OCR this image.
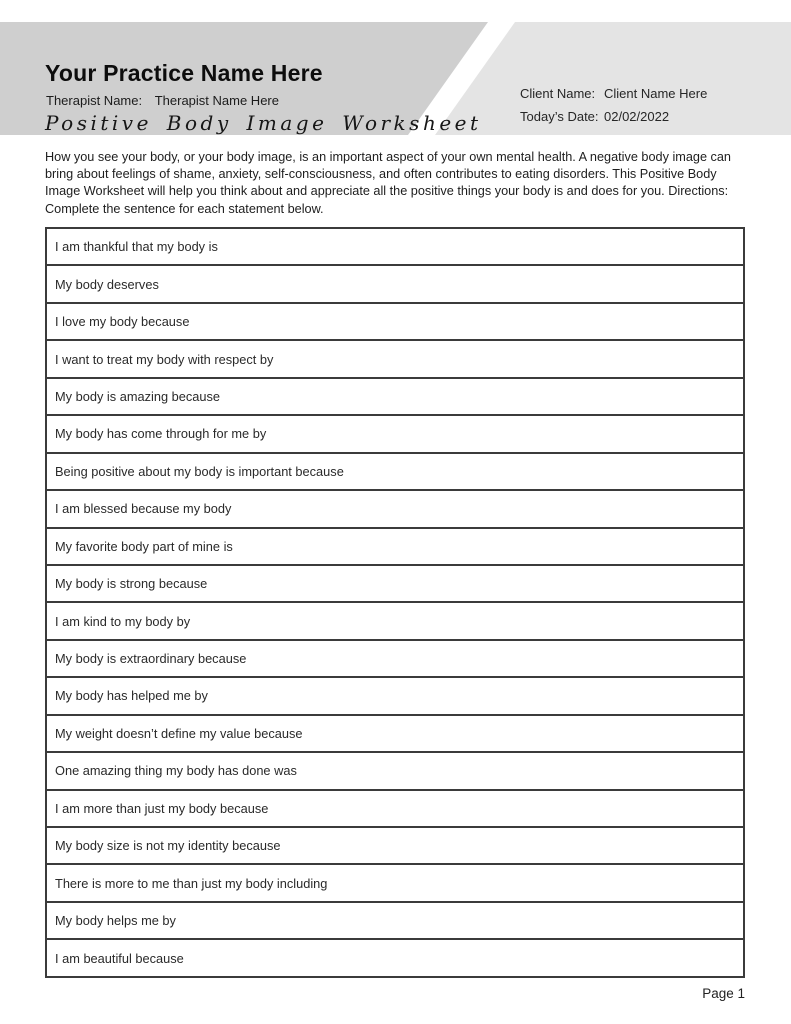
Your Practice Name Here
Therapist Name: Therapist Name Here
Positive Body Image Worksheet
Client Name: Client Name Here
Today’s Date: 02/02/2022

How you see your body, or your body image, is an important aspect of your own mental health. A negative body image can bring about feelings of shame, anxiety, self-consciousness, and often contributes to eating disorders. This Positive Body Image Worksheet will help you think about and appreciate all the positive things your body is and does for you. Directions: Complete the sentence for each statement below.

I am thankful that my body is
My body deserves
I love my body because
I want to treat my body with respect by
My body is amazing because
My body has come through for me by
Being positive about my body is important because
I am blessed because my body
My favorite body part of mine is
My body is strong because
I am kind to my body by
My body is extraordinary because
My body has helped me by
My weight doesn’t define my value because
One amazing thing my body has done was
I am more than just my body because
My body size is not my identity because
There is more to me than just my body including
My body helps me by
I am beautiful because
Page 1
